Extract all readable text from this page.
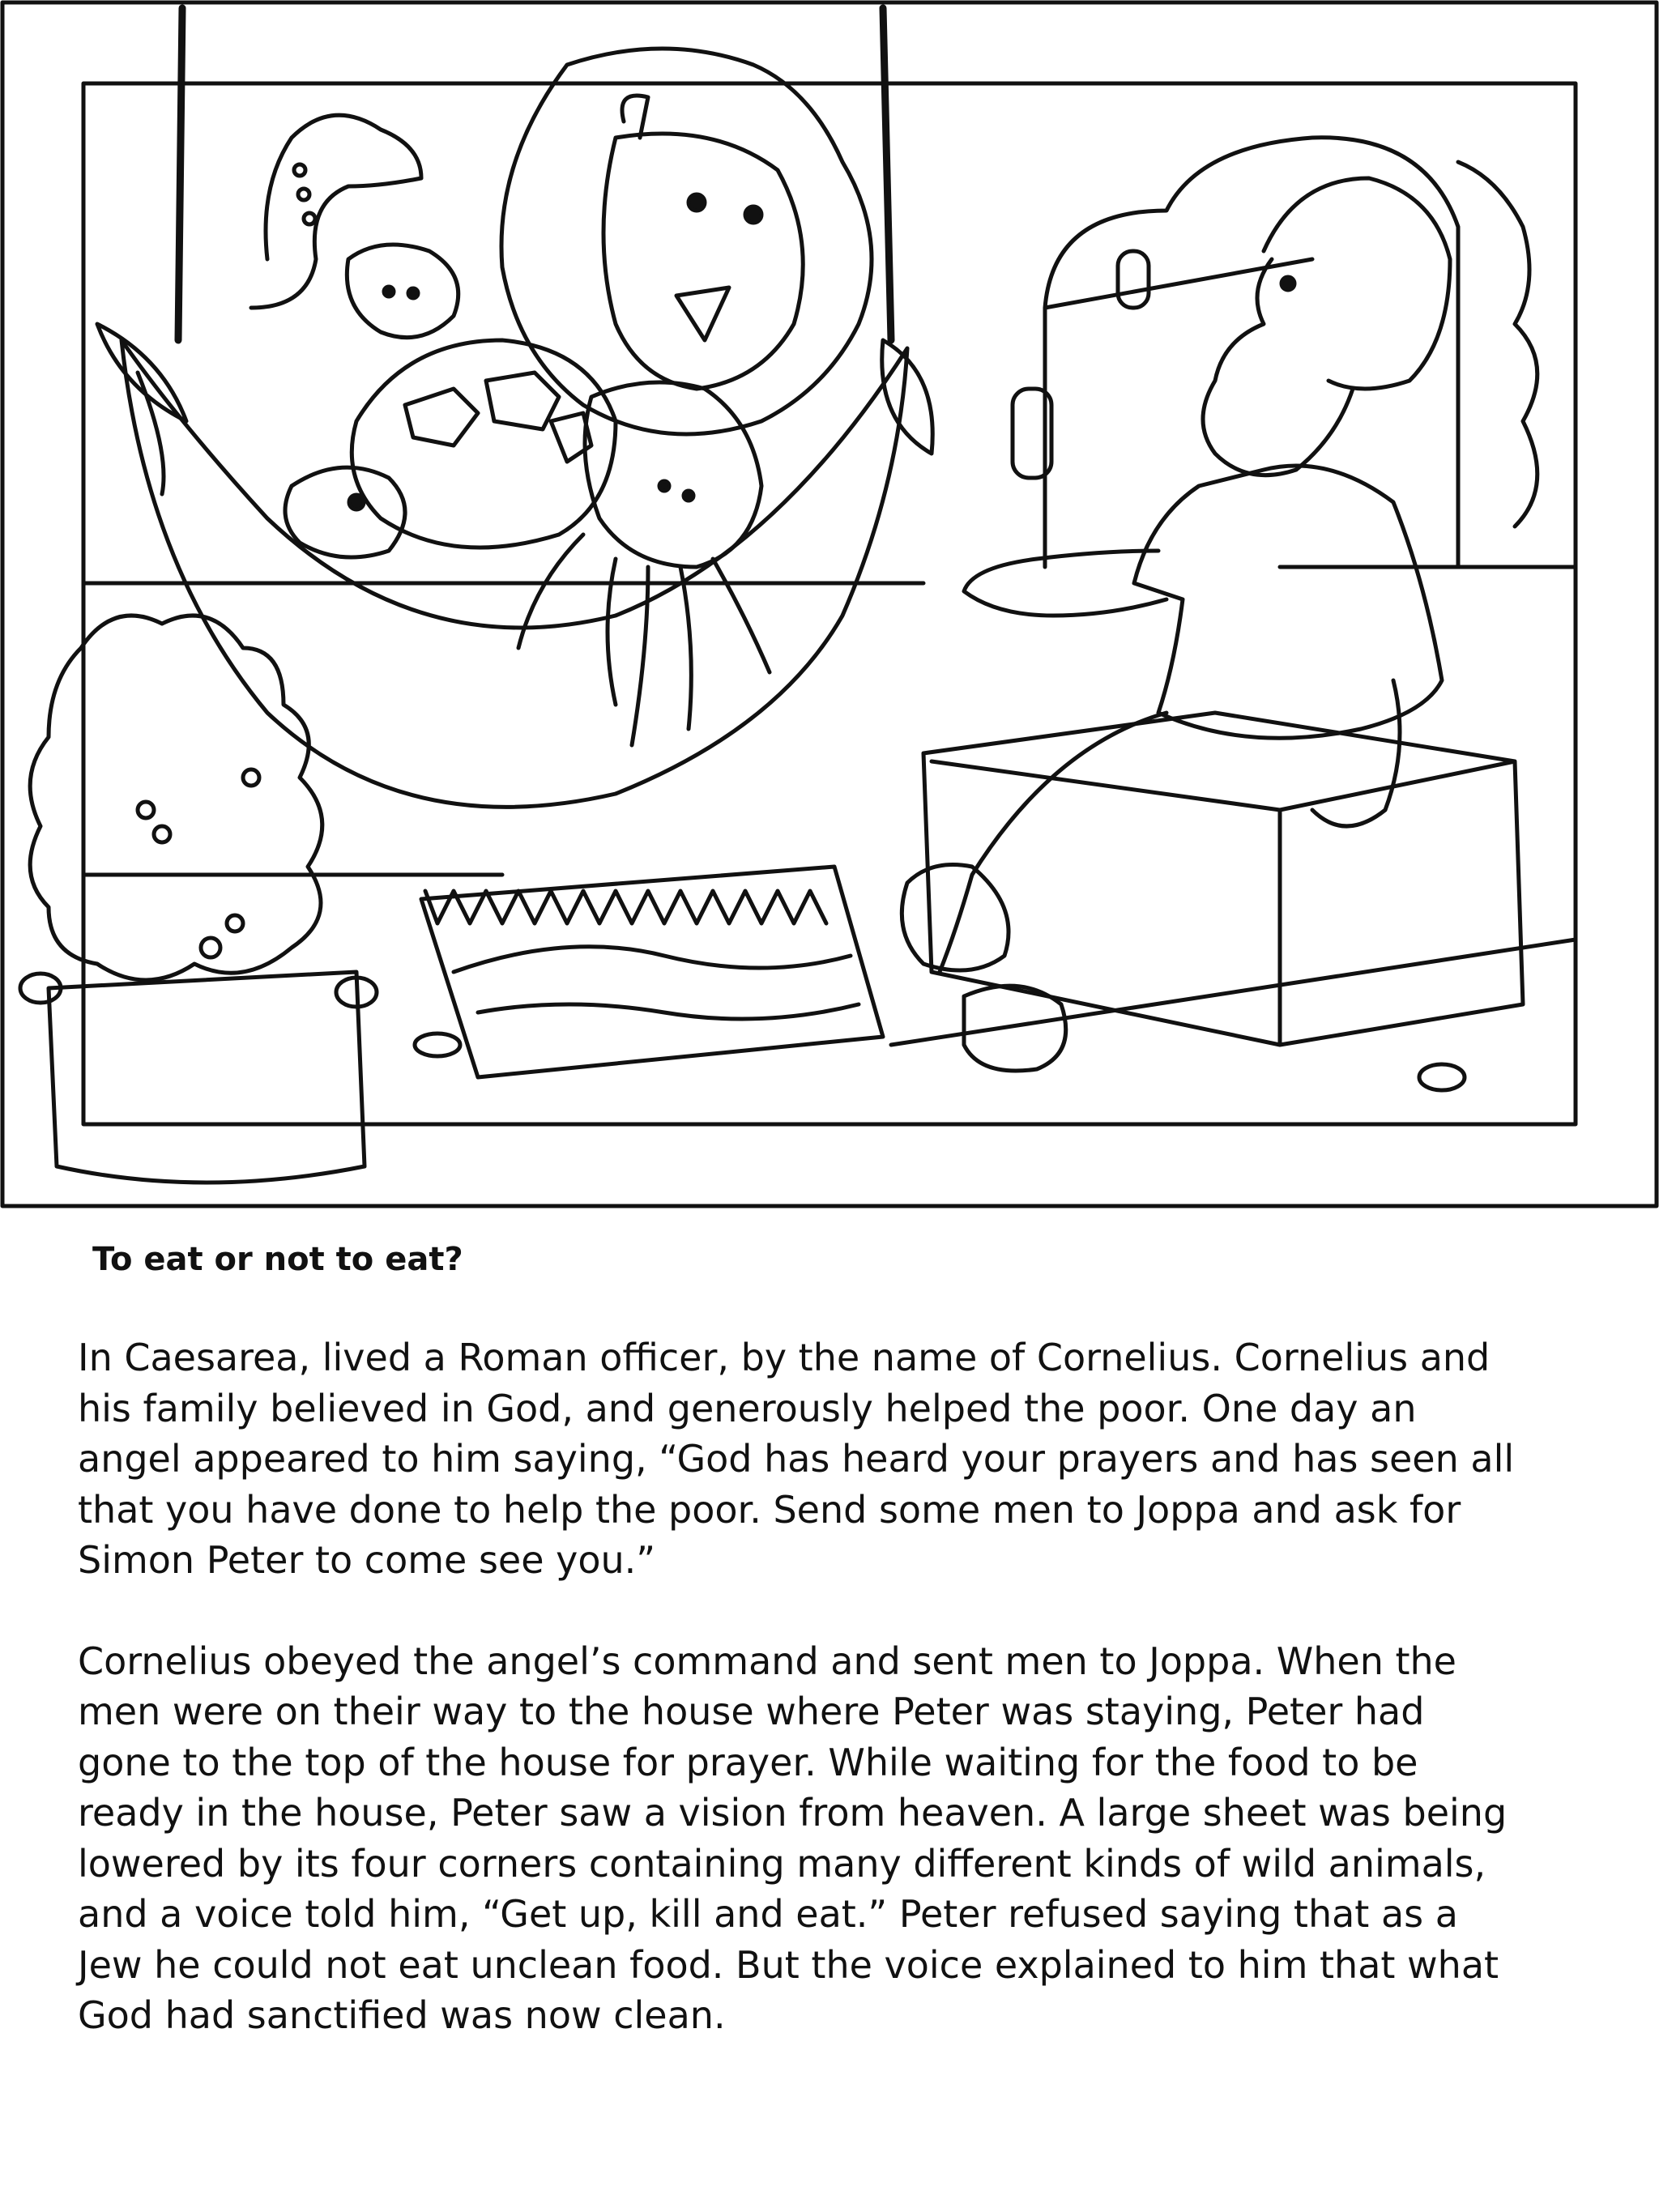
To eat or not to eat?

In Caesarea, lived a Roman officer, by the name of Cornelius. Cornelius and
his family believed in God, and generously helped the poor. One day an
angel appeared to him saying, “God has heard your prayers and has seen all
that you have done to help the poor. Send some men to Joppa and ask for
Simon Peter to come see you.”

Cornelius obeyed the angel’s command and sent men to Joppa. When the
men were on their way to the house where Peter was staying, Peter had
gone to the top of the house for prayer. While waiting for the food to be
ready in the house, Peter saw a vision from heaven. A large sheet was being
lowered by its four corners containing many different kinds of wild animals,
and a voice told him, “Get up, kill and eat.” Peter refused saying that as a
Jew he could not eat unclean food. But the voice explained to him that what
God had sanctified was now clean.
